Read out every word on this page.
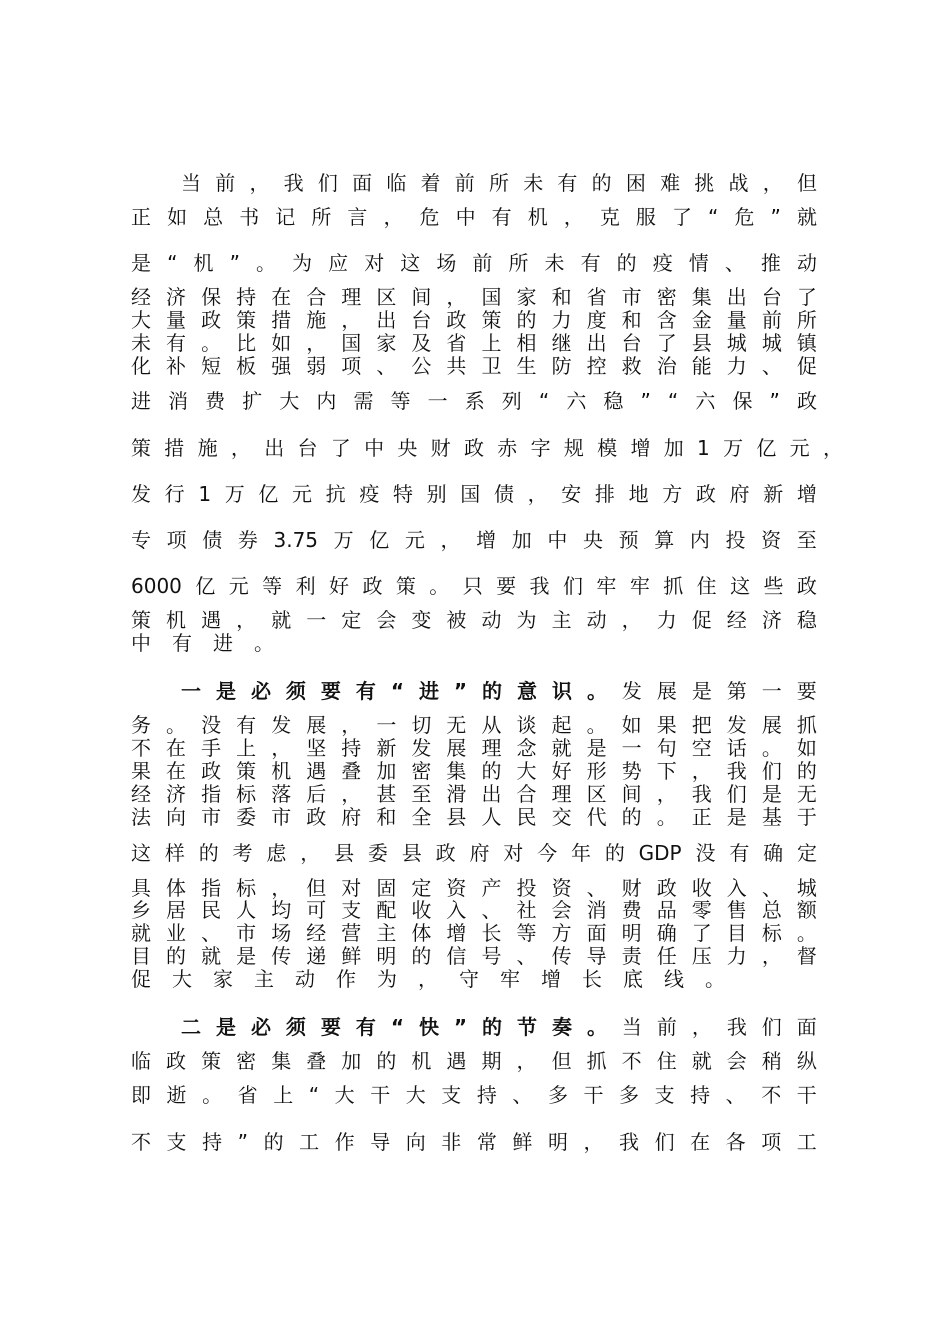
当 前 ， 我 们 面 临 着 前 所 未 有 的 困 难 挑 战 ， 但

正 如 总 书 记 所 言 ， 危 中 有 机 ， 克 服 了 “ 危 ” 就

是 “ 机 ” 。 为 应 对 这 场 前 所 未 有 的 疫 情 、 推 动

经 济 保 持 在 合 理 区 间 ， 国 家 和 省 市 密 集 出 台 了

大 量 政 策 措 施 ， 出 台 政 策 的 力 度 和 含 金 量 前 所

未 有 。 比 如 ， 国 家 及 省 上 相 继 出 台 了 县 城 城 镇

化 补 短 板 强 弱 项 、 公 共 卫 生 防 控 救 治 能 力 、 促

进 消 费 扩 大 内 需 等 一 系 列 “ 六 稳 ” “ 六 保 ” 政

策 措 施 ， 出 台 了 中 央 财 政 赤 字 规 模 增 加 1 万 亿 元 ，

发 行 1 万 亿 元 抗 疫 特 别 国 债 ， 安 排 地 方 政 府 新 增

专 项 债 券 3.75 万 亿 元 ， 增 加 中 央 预 算 内 投 资 至

6000 亿 元 等 利 好 政 策 。 只 要 我 们 牢 牢 抓 住 这 些 政

策 机 遇 ， 就 一 定 会 变 被 动 为 主 动 ， 力 促 经 济 稳

中 有 进 。

一 是 必 须 要 有 “ 进 ” 的 意 识 。 发 展 是 第 一 要

务 。 没 有 发 展 ， 一 切 无 从 谈 起 。 如 果 把 发 展 抓

不 在 手 上 ， 坚 持 新 发 展 理 念 就 是 一 句 空 话 。 如

果 在 政 策 机 遇 叠 加 密 集 的 大 好 形 势 下 ， 我 们 的

经 济 指 标 落 后 ， 甚 至 滑 出 合 理 区 间 ， 我 们 是 无

法 向 市 委 市 政 府 和 全 县 人 民 交 代 的 。 正 是 基 于

这 样 的 考 虑 ， 县 委 县 政 府 对 今 年 的 GDP 没 有 确 定

具 体 指 标 ， 但 对 固 定 资 产 投 资 、 财 政 收 入 、 城

乡 居 民 人 均 可 支 配 收 入 、 社 会 消 费 品 零 售 总 额

就 业 、 市 场 经 营 主 体 增 长 等 方 面 明 确 了 目 标 。

目 的 就 是 传 递 鲜 明 的 信 号 、 传 导 责 任 压 力 ， 督

促 大 家 主 动 作 为 ， 守 牢 增 长 底 线 。

二 是 必 须 要 有 “ 快 ” 的 节 奏 。 当 前 ， 我 们 面

临 政 策 密 集 叠 加 的 机 遇 期 ， 但 抓 不 住 就 会 稍 纵

即 逝 。 省 上 “ 大 干 大 支 持 、 多 干 多 支 持 、 不 干

不 支 持 ” 的 工 作 导 向 非 常 鲜 明 ， 我 们 在 各 项 工
